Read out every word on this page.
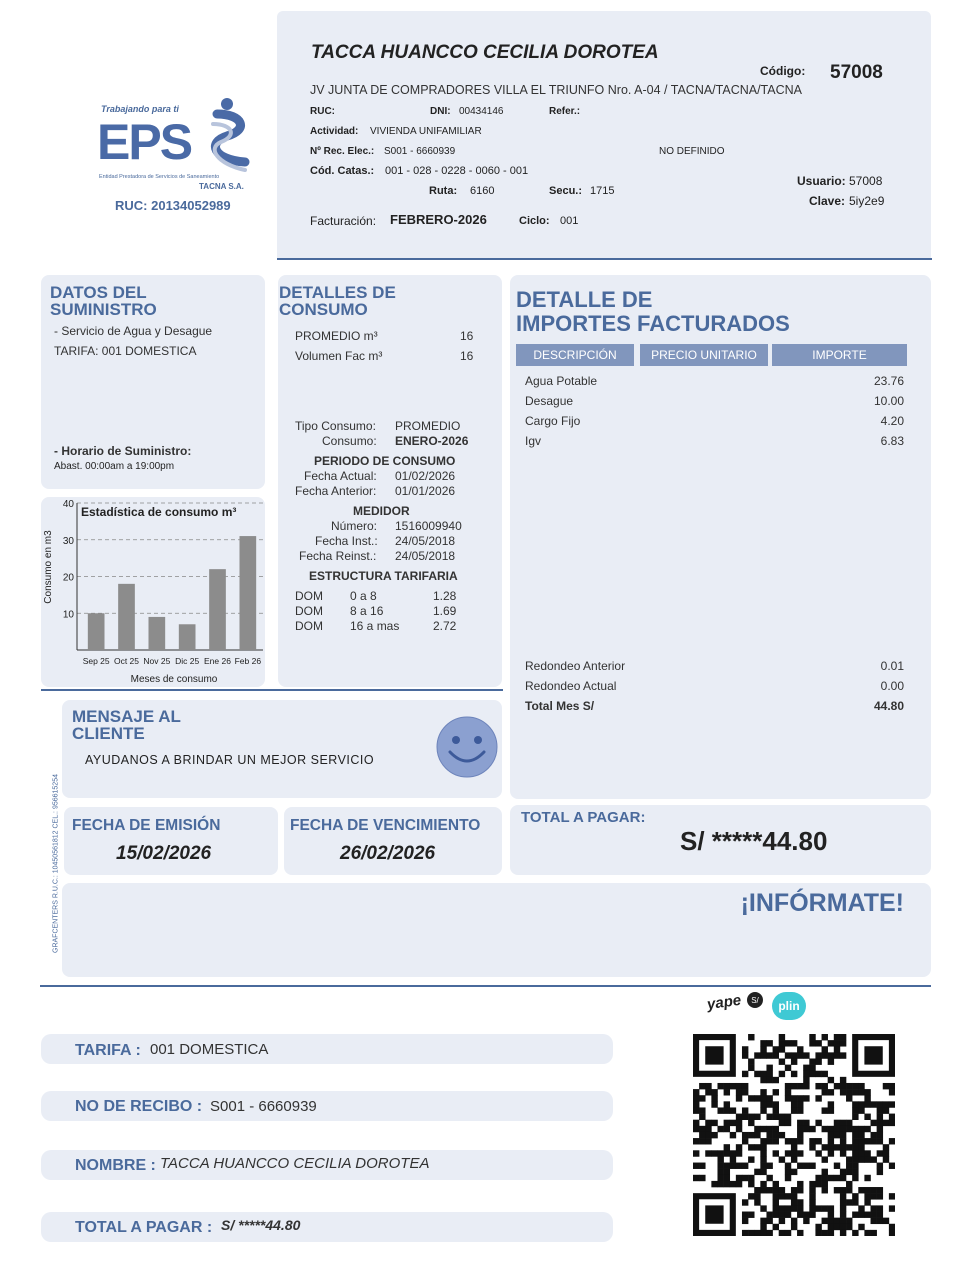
Trabajando para ti
EPS
Entidad Prestadora de Servicios de Saneamiento
TACNA S.A.
RUC: 20134052989
TACCA HUANCCO CECILIA DOROTEA
Código: 57008
JV JUNTA DE COMPRADORES VILLA EL TRIUNFO Nro. A-04 / TACNA/TACNA/TACNA
RUC:	DNI: 00434146	Refer.:
Actividad: VIVIENDA UNIFAMILIAR
Nº Rec. Elec.: S001 - 6660939	NO DEFINIDO
Cód. Catas.: 001 - 028 - 0228 - 0060 - 001
Ruta: 6160	Secu.: 1715
Usuario: 57008
Clave: 5iy2e9
Facturación: FEBRERO-2026	Ciclo: 001
DATOS DEL
SUMINISTRO
- Servicio de Agua y Desague
TARIFA: 001 DOMESTICA
- Horario de Suministro:
Abast. 00:00am a 19:00pm
Estadística de consumo m³
Consumo en m3
Meses de consumo
10
20
30
40
Sep 25 Oct 25 Nov 25 Dic 25 Ene 26 Feb 26
DETALLES DE
CONSUMO
PROMEDIO m³	16
Volumen Fac m³	16
Tipo Consumo: PROMEDIO
Consumo: ENERO-2026
PERIODO DE CONSUMO
Fecha Actual: 01/02/2026
Fecha Anterior: 01/01/2026
MEDIDOR
Número: 1516009940
Fecha Inst.: 24/05/2018
Fecha Reinst.: 24/05/2018
ESTRUCTURA TARIFARIA
DOM 0 a 8	1.28
DOM 8 a 16	1.69
DOM 16 a mas	2.72
DETALLE DE
IMPORTES FACTURADOS
DESCRIPCIÓN	PRECIO UNITARIO	IMPORTE
Agua Potable	23.76
Desague	10.00
Cargo Fijo	4.20
Igv	6.83
Redondeo Anterior	0.01
Redondeo Actual	0.00
Total Mes S/	44.80
MENSAJE AL
CLIENTE
AYUDANOS A BRINDAR UN MEJOR SERVICIO
GRAFCENTERS R.U.C.: 10450561812 CEL.: 956615254 FECHA DE EMISIÓN
15/02/2026
FECHA DE VENCIMIENTO
26/02/2026
TOTAL A PAGAR:
S/ *****44.80
¡INFÓRMATE!
yape S/	plin
TARIFA : 001 DOMESTICA
NO DE RECIBO : S001 - 6660939
NOMBRE : TACCA HUANCCO CECILIA DOROTEA
TOTAL A PAGAR : S/ *****44.80
